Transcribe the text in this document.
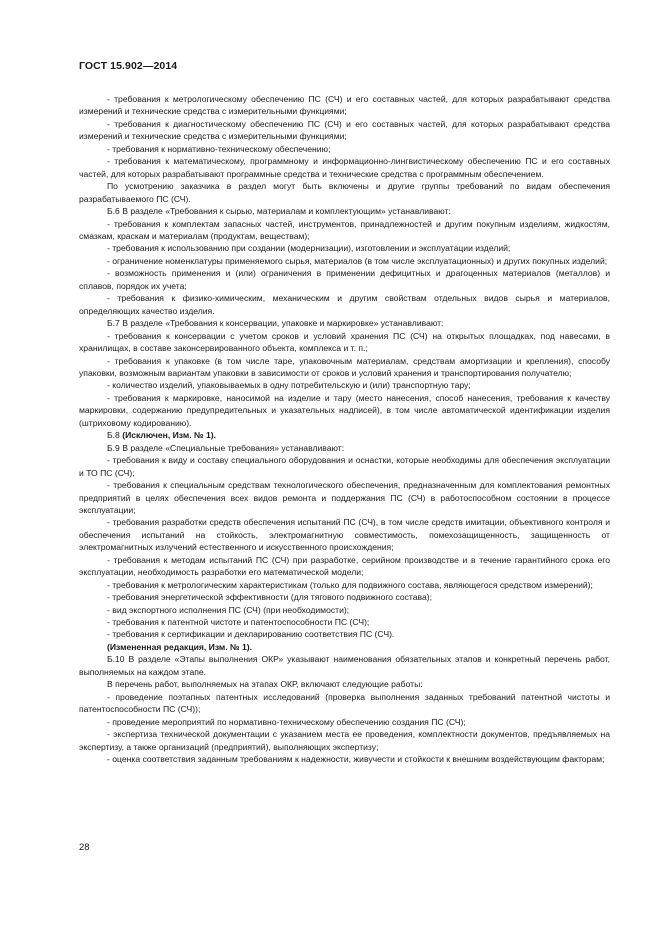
ГОСТ 15.902—2014

- требования к метрологическому обеспечению ПС (СЧ) и его составных частей, для которых разрабатывают средства измерений и технические средства с измерительными функциями;

- требования к диагностическому обеспечению ПС (СЧ) и его составных частей, для которых разрабатывают средства измерений и технические средства с измерительными функциями;

- требования к нормативно-техническому обеспечению;

- требования к математическому, программному и информационно-лингвистическому обеспечению ПС и его составных частей, для которых разрабатывают программные средства и технические средства с программным обеспечением.

По усмотрению заказчика в раздел могут быть включены и другие группы требований по видам обеспечения разрабатываемого ПС (СЧ).

Б.6 В разделе «Требования к сырью, материалам и комплектующим» устанавливают:

- требования к комплектам запасных частей, инструментов, принадлежностей и другим покупным изделиям, жидкостям, смазкам, краскам и материалам (продуктам, веществам);

- требования к использованию при создании (модернизации), изготовлении и эксплуатации изделий;

- ограничение номенклатуры применяемого сырья, материалов (в том числе эксплуатационных) и других покупных изделий;

- возможность применения и (или) ограничения в применении дефицитных и драгоценных материалов (металлов) и сплавов, порядок их учета;

- требования к физико-химическим, механическим и другим свойствам отдельных видов сырья и материалов, определяющих качество изделия.

Б.7 В разделе «Требования к консервации, упаковке и маркировке» устанавливают:

- требования к консервации с учетом сроков и условий хранения ПС (СЧ) на открытых площадках, под навесами, в хранилищах, в составе законсервированного объекта, комплекса и т. п.;

- требования к упаковке (в том числе таре, упаковочным материалам, средствам амортизации и крепления), способу упаковки, возможным вариантам упаковки в зависимости от сроков и условий хранения и транспортирования получателю;

- количество изделий, упаковываемых в одну потребительскую и (или) транспортную тару;

- требования к маркировке, наносимой на изделие и тару (место нанесения, способ нанесения, требования к качеству маркировки, содержанию предупредительных и указательных надписей), в том числе автоматической идентификации изделия (штриховому кодированию).

Б.8 (Исключен, Изм. № 1).

Б.9 В разделе «Специальные требования» устанавливают:

- требования к виду и составу специального оборудования и оснастки, которые необходимы для обеспечения эксплуатации и ТО ПС (СЧ);

- требования к специальным средствам технологического обеспечения, предназначенным для комплектования ремонтных предприятий в целях обеспечения всех видов ремонта и поддержания ПС (СЧ) в работоспособном состоянии в процессе эксплуатации;

- требования разработки средств обеспечения испытаний ПС (СЧ), в том числе средств имитации, объективного контроля и обеспечения испытаний на стойкость, электромагнитную совместимость, помехозащищенность, защищенность от электромагнитных излучений естественного и искусственного происхождения;

- требования к методам испытаний ПС (СЧ) при разработке, серийном производстве и в течение гарантийного срока его эксплуатации, необходимость разработки его математической модели;

- требования к метрологическим характеристикам (только для подвижного состава, являющегося средством измерений);

- требования энергетической эффективности (для тягового подвижного состава);

- вид экспортного исполнения ПС (СЧ) (при необходимости);

- требования к патентной чистоте и патентоспособности ПС (СЧ);

- требования к сертификации и декларированию соответствия ПС (СЧ).

(Измененная редакция, Изм. № 1).

Б.10 В разделе «Этапы выполнения ОКР» указывают наименования обязательных этапов и конкретный перечень работ, выполняемых на каждом этапе.

В перечень работ, выполняемых на этапах ОКР, включают следующие работы:

- проведение поэтапных патентных исследований (проверка выполнения заданных требований патентной чистоты и патентоспособности ПС (СЧ));

- проведение мероприятий по нормативно-техническому обеспечению создания ПС (СЧ);

- экспертиза технической документации с указанием места ее проведения, комплектности документов, предъявляемых на экспертизу, а также организаций (предприятий), выполняющих экспертизу;

- оценка соответствия заданным требованиям к надежности, живучести и стойкости к внешним воздействующим факторам;

28
